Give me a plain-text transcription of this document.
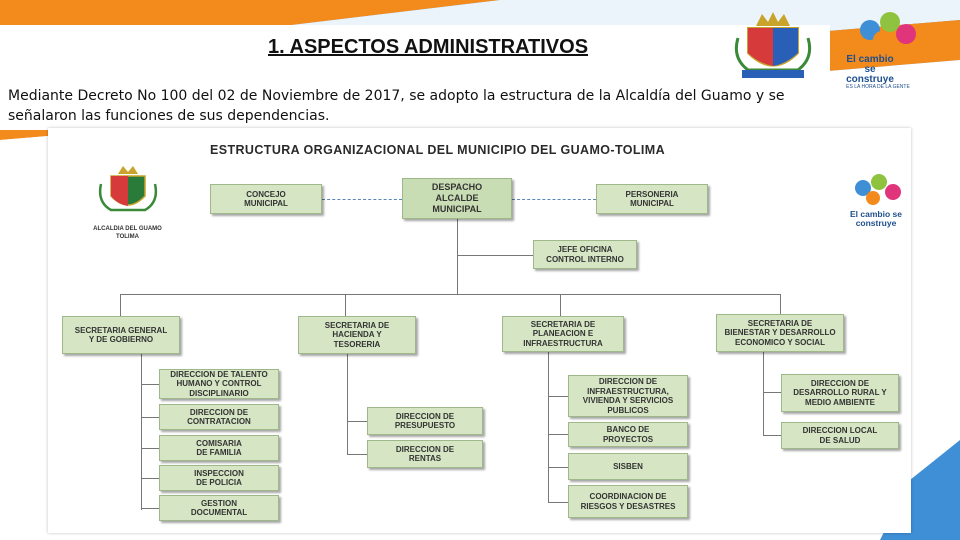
1. ASPECTOS ADMINISTRATIVOS
Mediante Decreto No 100 del 02 de Noviembre de 2017, se adopto la estructura de la Alcaldía del Guamo y se señalaron las funciones de sus dependencias.
El cambio se construye
ES LA HORA DE LA GENTE
ESTRUCTURA ORGANIZACIONAL DEL MUNICIPIO DEL GUAMO-TOLIMA
ALCALDIA DEL GUAMO
TOLIMA
El cambio se construye
CONCEJO
MUNICIPAL
DESPACHO
ALCALDE
MUNICIPAL
PERSONERIA
MUNICIPAL
JEFE OFICINA
CONTROL INTERNO
SECRETARIA GENERAL
Y DE GOBIERNO
SECRETARIA DE
HACIENDA Y
TESORERIA
SECRETARIA DE
PLANEACION E
INFRAESTRUCTURA
SECRETARIA DE
BIENESTAR Y DESARROLLO
ECONOMICO Y SOCIAL
DIRECCION DE TALENTO
HUMANO Y CONTROL
DISCIPLINARIO
DIRECCION DE
CONTRATACION
COMISARIA
DE FAMILIA
INSPECCION
DE POLICIA
GESTION
DOCUMENTAL
DIRECCION DE
PRESUPUESTO
DIRECCION DE
RENTAS
DIRECCION DE
INFRAESTRUCTURA,
VIVIENDA Y SERVICIOS
PUBLICOS
BANCO DE
PROYECTOS
SISBEN
COORDINACION DE
RIESGOS Y DESASTRES
DIRECCION DE
DESARROLLO RURAL Y
MEDIO AMBIENTE
DIRECCION LOCAL
DE SALUD
